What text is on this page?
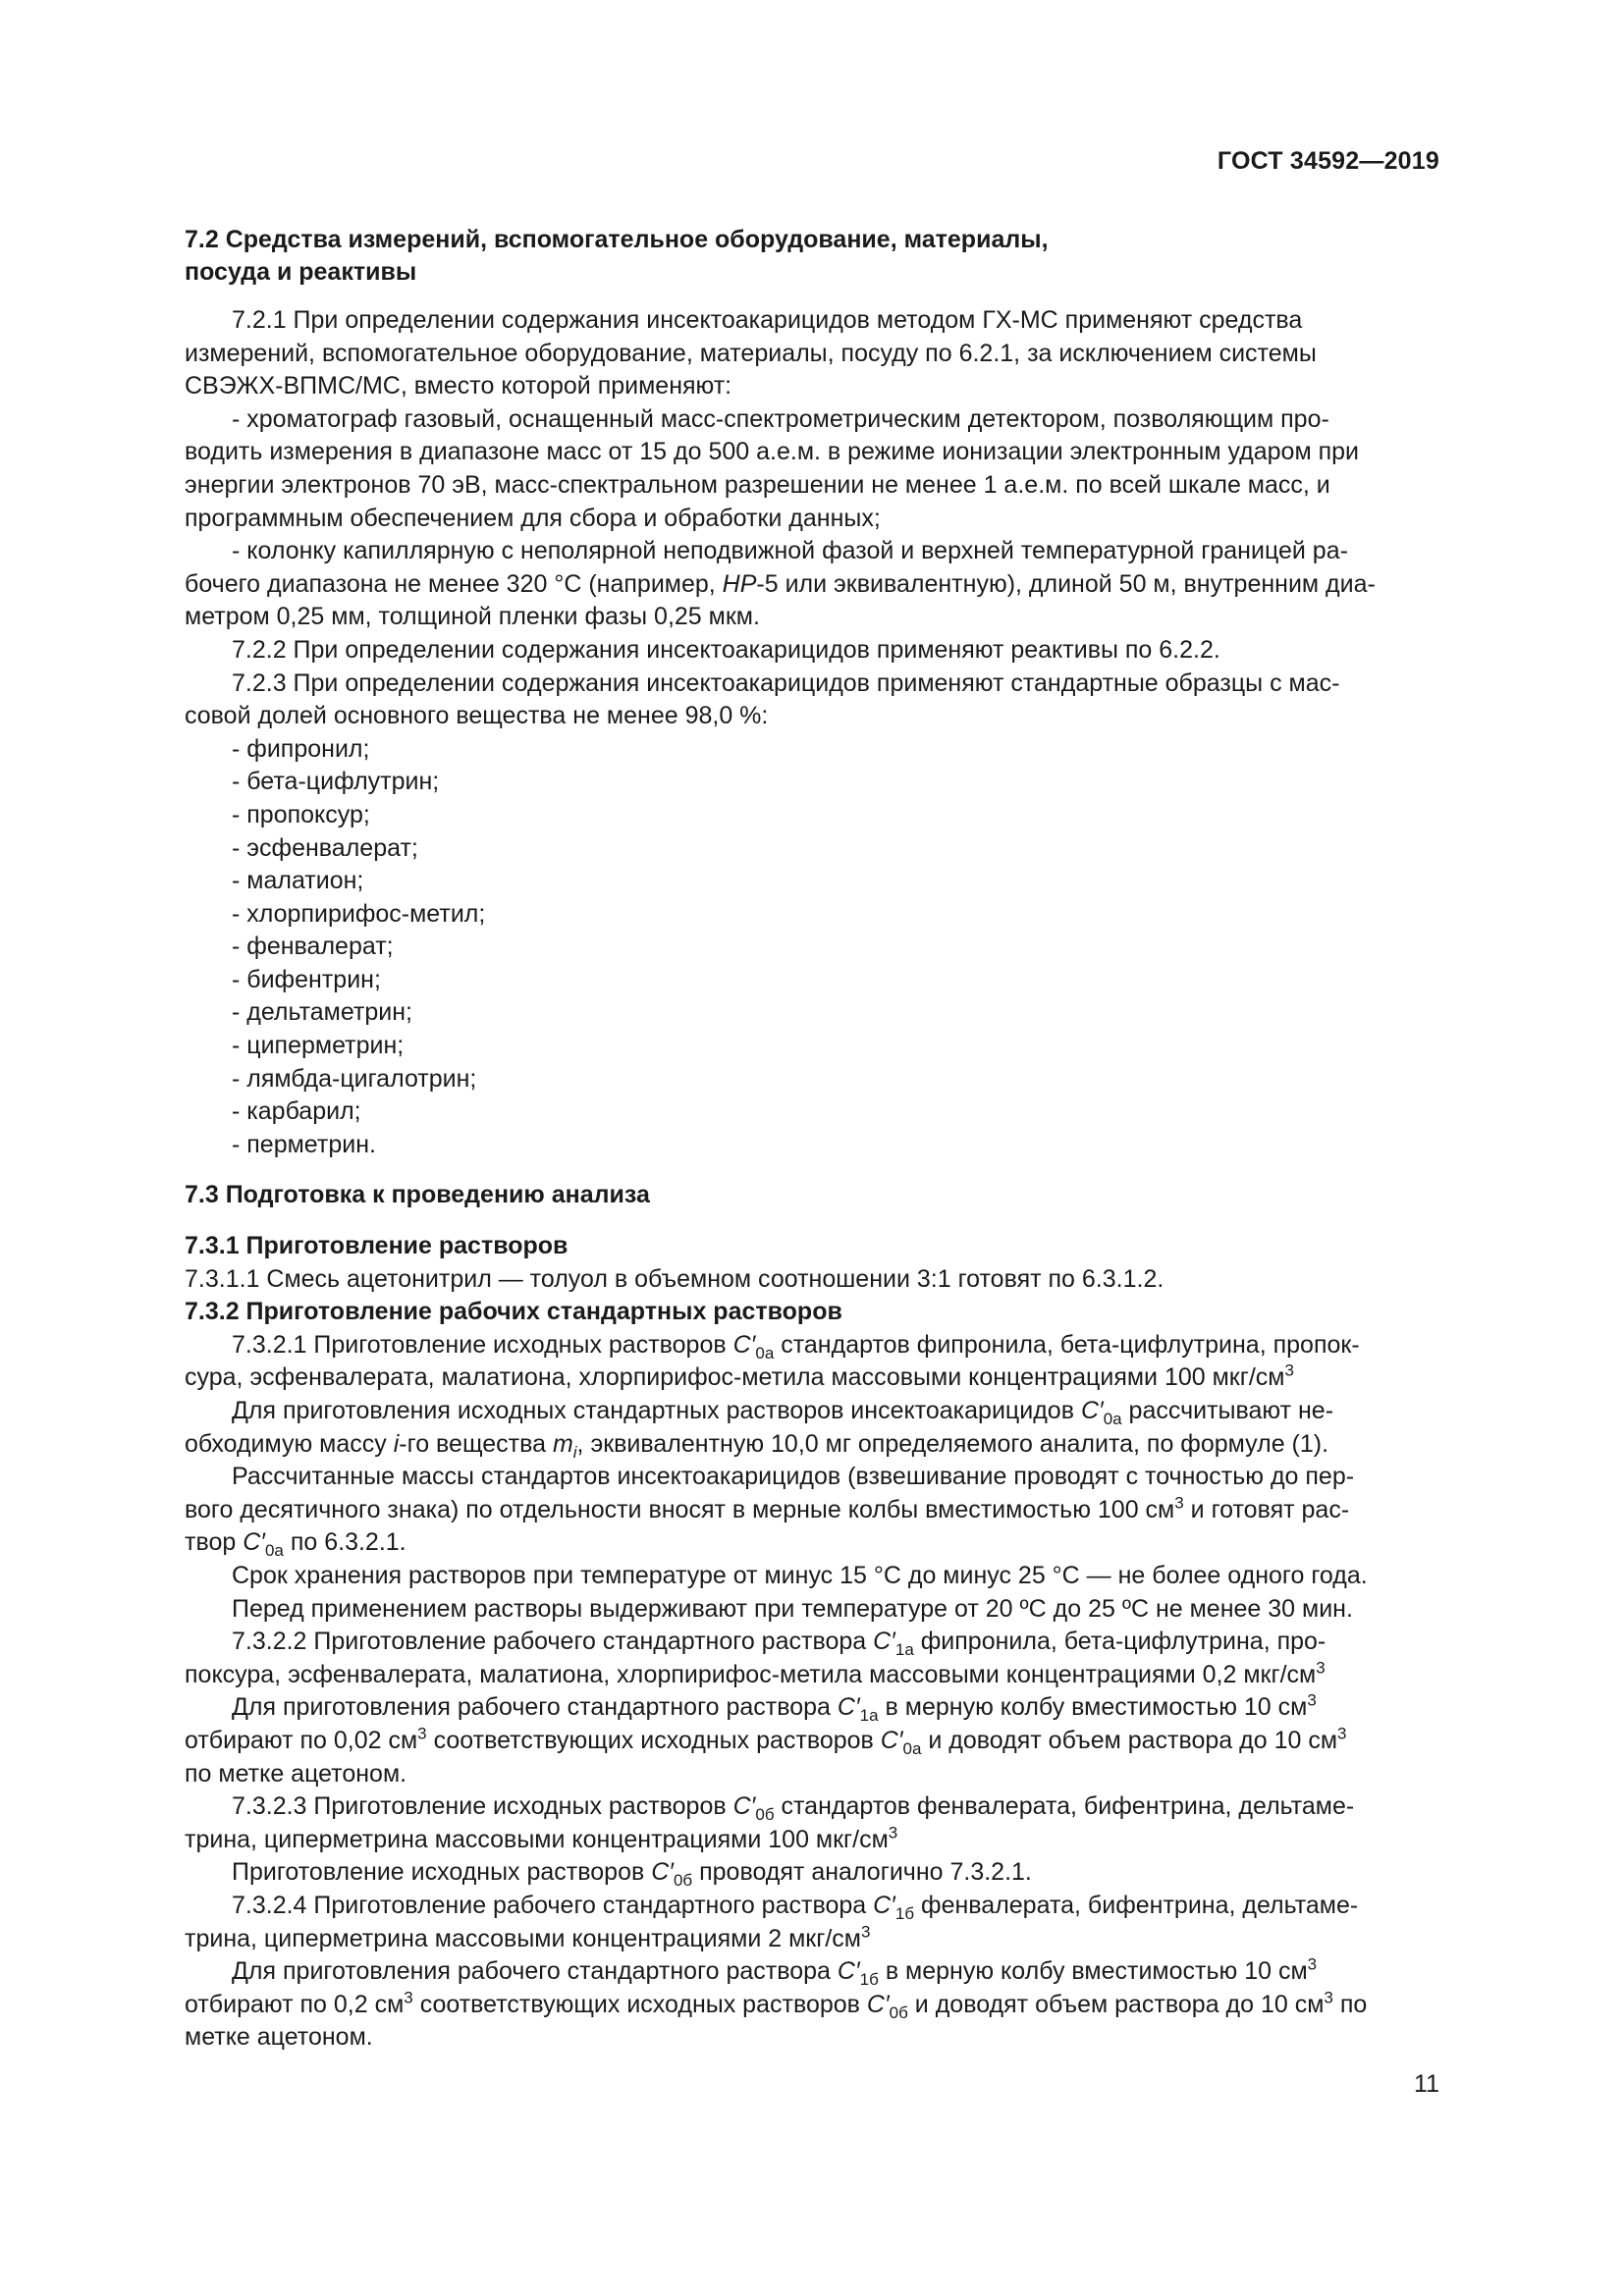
ГОСТ 34592—2019
7.2 Средства измерений, вспомогательное оборудование, материалы,
посуда и реактивы
7.2.1 При определении содержания инсектоакарицидов методом ГХ-МС применяют средства
измерений, вспомогательное оборудование, материалы, посуду по 6.2.1, за исключением системы
СВЭЖХ-ВПМС/МС, вместо которой применяют:
- хроматограф газовый, оснащенный масс-спектрометрическим детектором, позволяющим про-
водить измерения в диапазоне масс от 15 до 500 а.е.м. в режиме ионизации электронным ударом при
энергии электронов 70 эВ, масс-спектральном разрешении не менее 1 а.е.м. по всей шкале масс, и
программным обеспечением для сбора и обработки данных;
- колонку капиллярную с неполярной неподвижной фазой и верхней температурной границей ра-
бочего диапазона не менее 320 °С (например, HP-5 или эквивалентную), длиной 50 м, внутренним диа-
метром 0,25 мм, толщиной пленки фазы 0,25 мкм.
7.2.2 При определении содержания инсектоакарицидов применяют реактивы по 6.2.2.
7.2.3 При определении содержания инсектоакарицидов применяют стандартные образцы с мас-
совой долей основного вещества не менее 98,0 %:
- фипронил;
- бета-цифлутрин;
- пропоксур;
- эсфенвалерат;
- малатион;
- хлорпирифос-метил;
- фенвалерат;
- бифентрин;
- дельтаметрин;
- циперметрин;
- лямбда-цигалотрин;
- карбарил;
- перметрин.
7.3 Подготовка к проведению анализа
7.3.1 Приготовление растворов
7.3.1.1 Смесь ацетонитрил — толуол в объемном соотношении 3:1 готовят по 6.3.1.2.
7.3.2 Приготовление рабочих стандартных растворов
7.3.2.1 Приготовление исходных растворов $C'_{0a}$ стандартов фипронила, бета-цифлутрина, пропок-
сура, эсфенвалерата, малатиона, хлорпирифос-метила массовыми концентрациями 100 мкг/$см^3$
Для приготовления исходных стандартных растворов инсектоакарицидов $C'_{0a}$ рассчитывают не-
обходимую массу i-го вещества $m_i$, эквивалентную 10,0 мг определяемого аналита, по формуле (1).
Рассчитанные массы стандартов инсектоакарицидов (взвешивание проводят с точностью до пер-
вого десятичного знака) по отдельности вносят в мерные колбы вместимостью 100 $см^3$ и готовят рас-
твор $C'_{0a}$ по 6.3.2.1.
Срок хранения растворов при температуре от минус 15 °С до минус 25 °С — не более одного года.
Перед применением растворы выдерживают при температуре от 20 ºС до 25 ºС не менее 30 мин.
7.3.2.2 Приготовление рабочего стандартного раствора $C'_{1a}$ фипронила, бета-цифлутрина, про-
поксура, эсфенвалерата, малатиона, хлорпирифос-метила массовыми концентрациями 0,2 мкг/$см^3$
Для приготовления рабочего стандартного раствора $C'_{1a}$ в мерную колбу вместимостью 10 $см^3$
отбирают по 0,02 $см^3$ соответствующих исходных растворов $C'_{0a}$ и доводят объем раствора до 10 $см^3$
по метке ацетоном.
7.3.2.3 Приготовление исходных растворов $C'_{0б}$ стандартов фенвалерата, бифентрина, дельтаме-
трина, циперметрина массовыми концентрациями 100 мкг/$см^3$
Приготовление исходных растворов $C'_{0б}$ проводят аналогично 7.3.2.1.
7.3.2.4 Приготовление рабочего стандартного раствора $C'_{1б}$ фенвалерата, бифентрина, дельтаме-
трина, циперметрина массовыми концентрациями 2 мкг/$см^3$
Для приготовления рабочего стандартного раствора $C'_{1б}$ в мерную колбу вместимостью 10 $см^3$
отбирают по 0,2 $см^3$ соответствующих исходных растворов $C'_{0б}$ и доводят объем раствора до 10 $см^3$ по
метке ацетоном.
11
